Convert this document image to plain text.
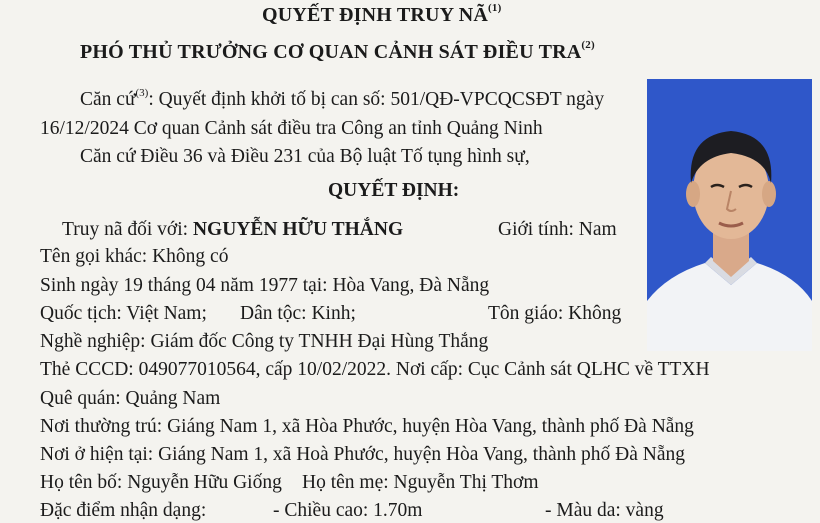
QUYẾT ĐỊNH TRUY NÃ$^{(1)}$
PHÓ THỦ TRƯỞNG CƠ QUAN CẢNH SÁT ĐIỀU TRA$^{(2)}$
Căn cứ$^{(3)}$: Quyết định khởi tố bị can số: 501/QĐ-VPCQCSĐT ngày
16/12/2024 Cơ quan Cảnh sát điều tra Công an tỉnh Quảng Ninh
Căn cứ Điều 36 và Điều 231 của Bộ luật Tố tụng hình sự,
QUYẾT ĐỊNH:
Truy nã đối với: NGUYỄN HỮU THẮNG	Giới tính: Nam
Tên gọi khác: Không có
Sinh ngày 19 tháng 04 năm 1977 tại: Hòa Vang, Đà Nẵng
Quốc tịch: Việt Nam; Dân tộc: Kinh;	Tôn giáo: Không
Nghề nghiệp: Giám đốc Công ty TNHH Đại Hùng Thắng
Thẻ CCCD: 049077010564, cấp 10/02/2022. Nơi cấp: Cục Cảnh sát QLHC về TTXH
Quê quán: Quảng Nam
Nơi thường trú: Giáng Nam 1, xã Hòa Phước, huyện Hòa Vang, thành phố Đà Nẵng
Nơi ở hiện tại: Giáng Nam 1, xã Hoà Phước, huyện Hòa Vang, thành phố Đà Nẵng
Họ tên bố: Nguyễn Hữu Giống Họ tên mẹ: Nguyễn Thị Thơm
Đặc điểm nhận dạng:	- Chiều cao: 1.70m	- Màu da: vàng
